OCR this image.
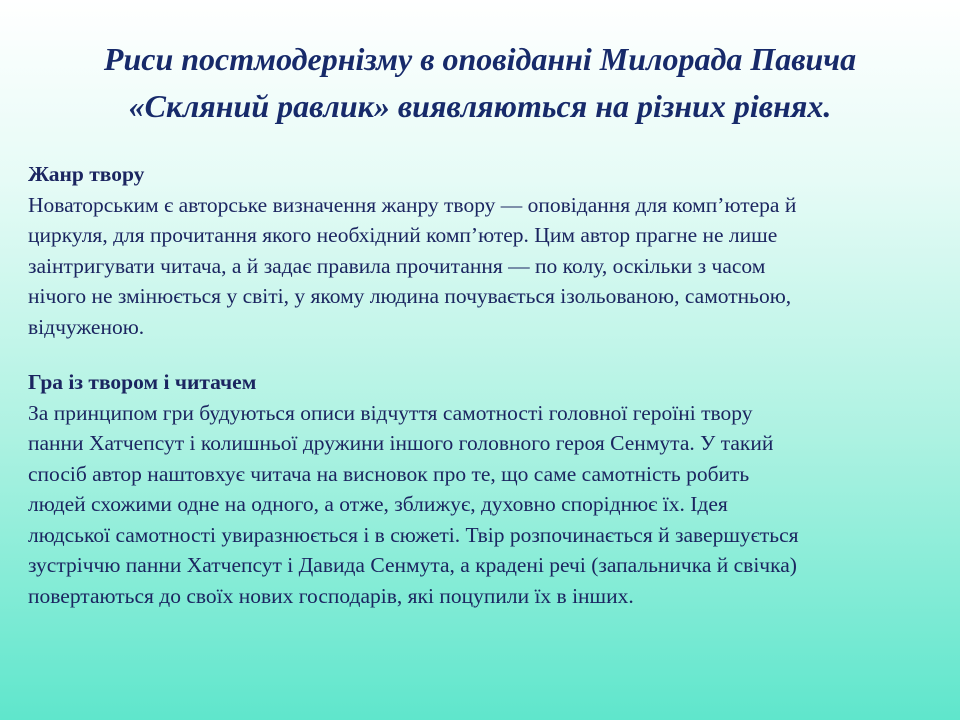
Риси постмодернізму в оповіданні Милорада Павича
«Скляний равлик» виявляються на різних рівнях.
Жанр твору
Новаторським є авторське визначення жанру твору — оповідання для комп’ютера й
циркуля, для прочитання якого необхідний комп’ютер. Цим автор прагне не лише
заінтригувати читача, а й задає правила прочитання — по колу, оскільки з часом
нічого не змінюється у світі, у якому людина почувається ізольованою, самотньою,
відчуженою.
Гра із твором і читачем
За принципом гри будуються описи відчуття самотності головної героїні твору
панни Хатчепсут і колишньої дружини іншого головного героя Сенмута. У такий
спосіб автор наштовхує читача на висновок про те, що саме самотність робить
людей схожими одне на одного, а отже, зближує, духовно споріднює їх. Ідея
людської самотності увиразнюється і в сюжеті. Твір розпочинається й завершується
зустріччю панни Хатчепсут і Давида Сенмута, а крадені речі (запальничка й свічка)
повертаються до своїх нових господарів, які поцупили їх в інших.
